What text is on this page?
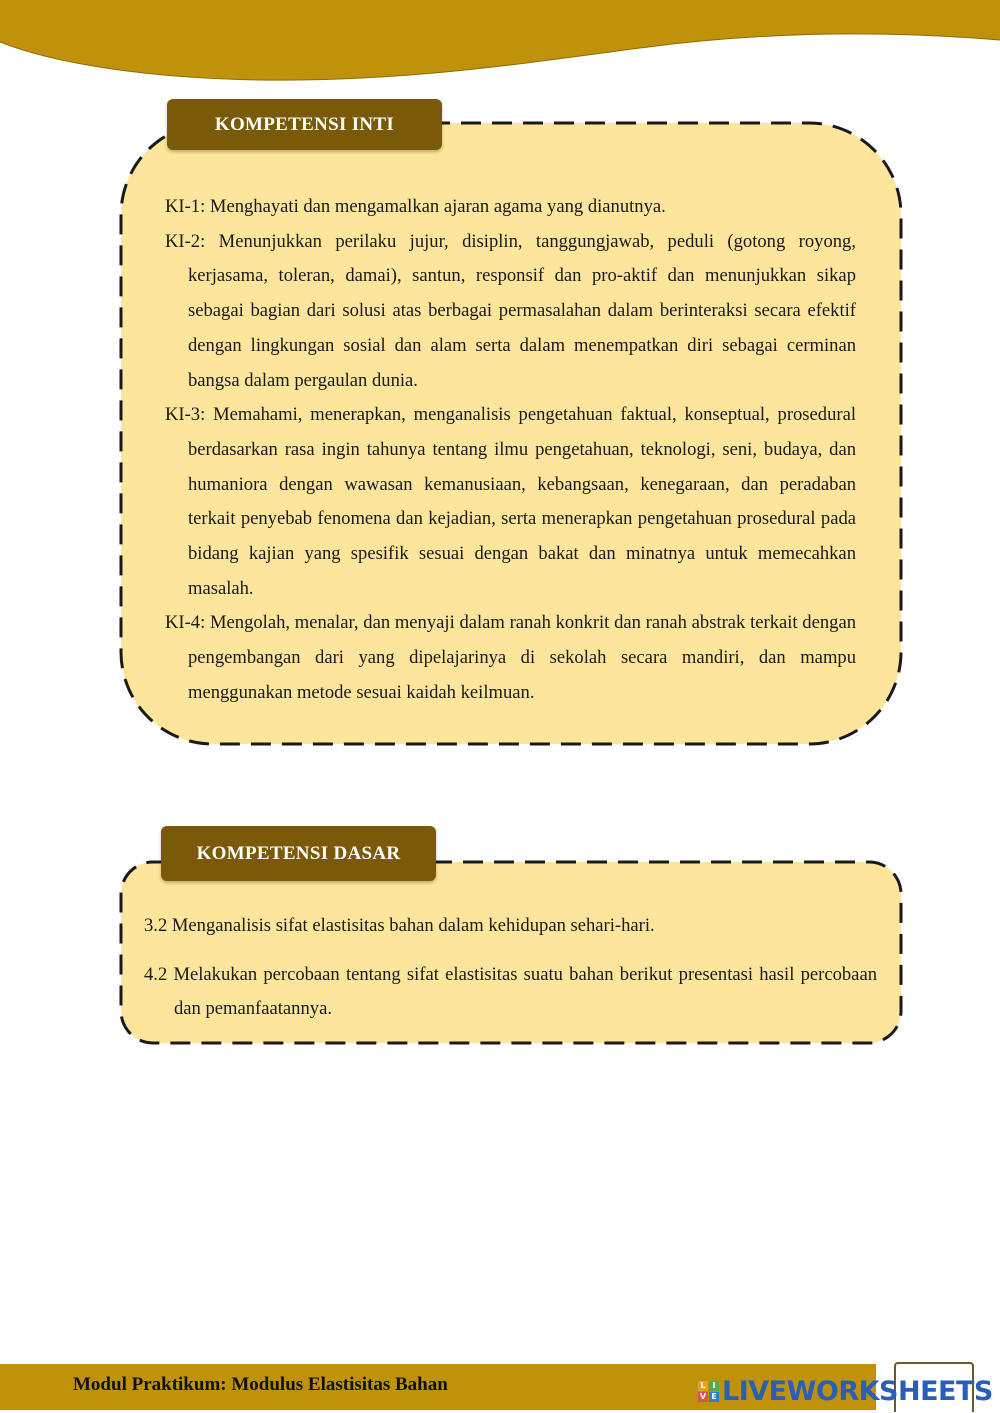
KOMPETENSI INTI

KI-1: Menghayati dan mengamalkan ajaran agama yang dianutnya.

KI-2: Menunjukkan perilaku jujur, disiplin, tanggungjawab, peduli (gotong royong, kerjasama, toleran, damai), santun, responsif dan pro-aktif dan menunjukkan sikap sebagai bagian dari solusi atas berbagai permasalahan dalam berinteraksi secara efektif dengan lingkungan sosial dan alam serta dalam menempatkan diri sebagai cerminan bangsa dalam pergaulan dunia.

KI-3: Memahami, menerapkan, menganalisis pengetahuan faktual, konseptual, prosedural berdasarkan rasa ingin tahunya tentang ilmu pengetahuan, teknologi, seni, budaya, dan humaniora dengan wawasan kemanusiaan, kebangsaan, kenegaraan, dan peradaban terkait penyebab fenomena dan kejadian, serta menerapkan pengetahuan prosedural pada bidang kajian yang spesifik sesuai dengan bakat dan minatnya untuk memecahkan masalah.

KI-4: Mengolah, menalar, dan menyaji dalam ranah konkrit dan ranah abstrak terkait dengan pengembangan dari yang dipelajarinya di sekolah secara mandiri, dan mampu menggunakan metode sesuai kaidah keilmuan.

KOMPETENSI DASAR

3.2 Menganalisis sifat elastisitas bahan dalam kehidupan sehari-hari.

4.2 Melakukan percobaan tentang sifat elastisitas suatu bahan berikut presentasi hasil percobaan dan pemanfaatannya.

Modul Praktikum: Modulus Elastisitas Bahan	L I
V E LIVEWORKSHEETS
